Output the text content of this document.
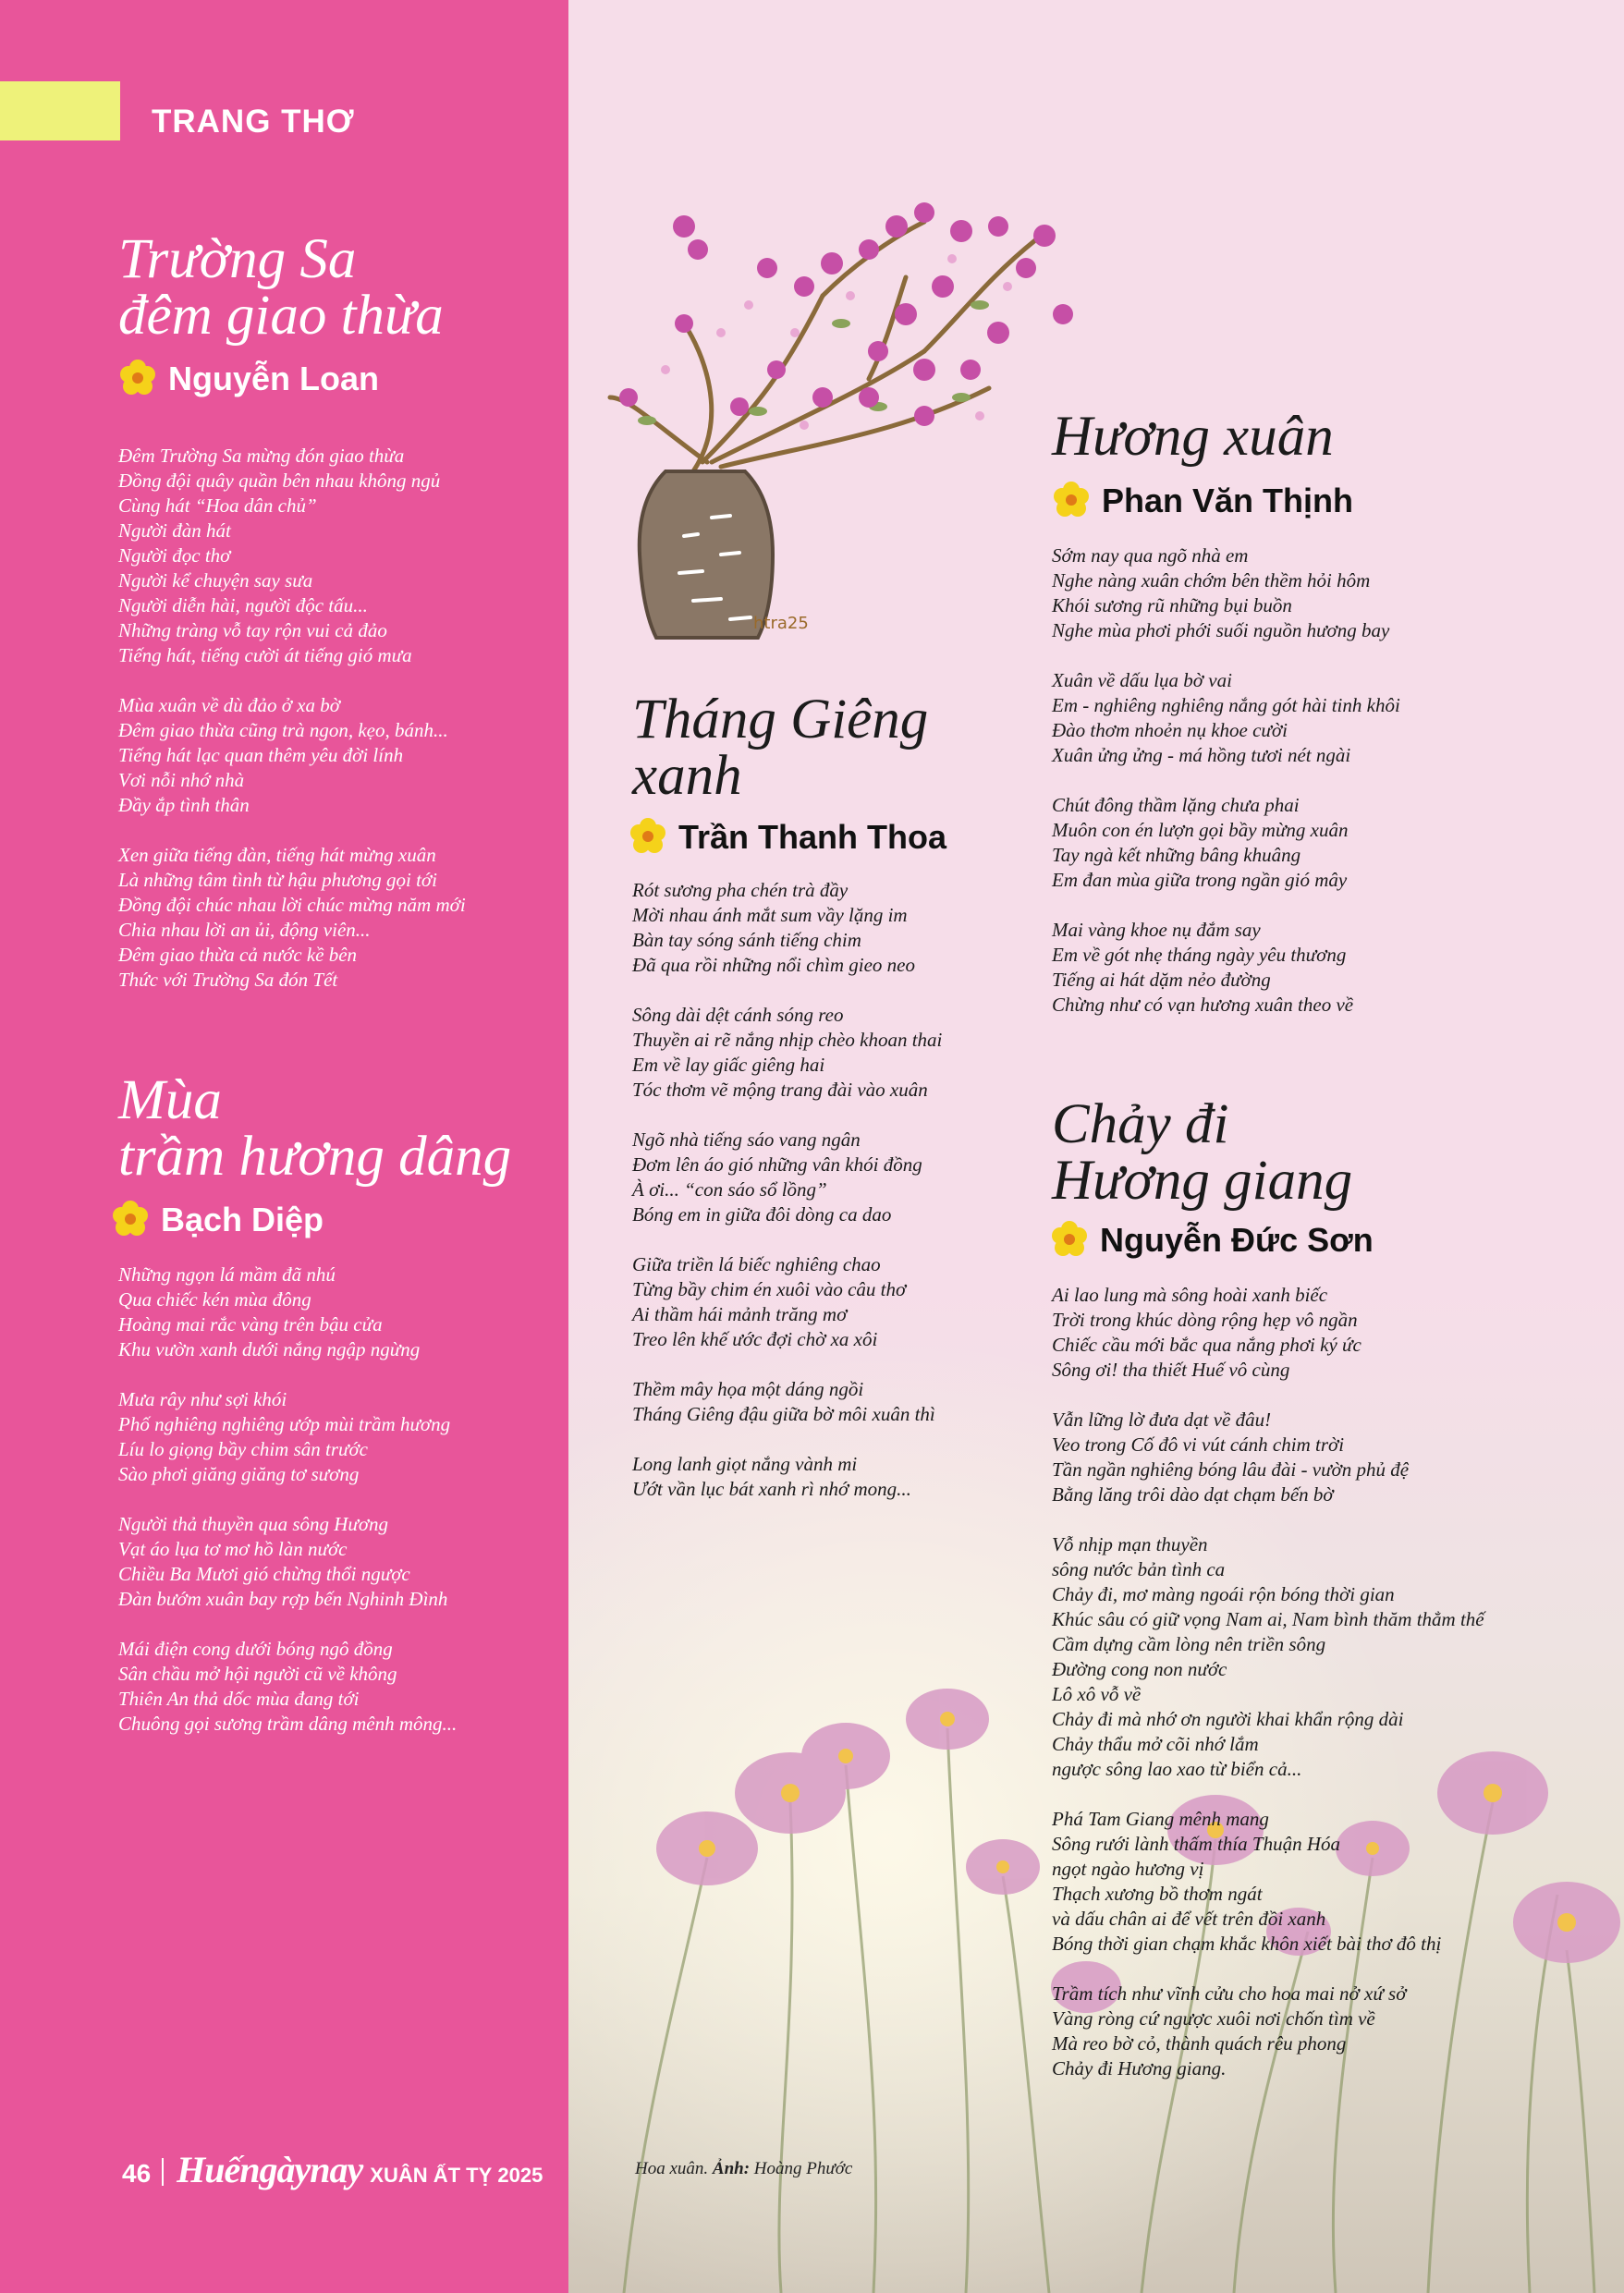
TRANG THƠ
htra25
Trường Sa
đêm giao thừa
Nguyễn Loan
Đêm Trường Sa mừng đón giao thừa
Đồng đội quây quần bên nhau không ngủ
Cùng hát “Hoa dân chủ”
Người đàn hát
Người đọc thơ
Người kể chuyện say sưa
Người diễn hài, người độc tấu...
Những tràng vỗ tay rộn vui cả đảo
Tiếng hát, tiếng cười át tiếng gió mưa
Mùa xuân về dù đảo ở xa bờ
Đêm giao thừa cũng trà ngon, kẹo, bánh...
Tiếng hát lạc quan thêm yêu đời lính
Vơi nỗi nhớ nhà
Đầy ắp tình thân
Xen giữa tiếng đàn, tiếng hát mừng xuân
Là những tâm tình từ hậu phương gọi tới
Đồng đội chúc nhau lời chúc mừng năm mới
Chia nhau lời an ủi, động viên...
Đêm giao thừa cả nước kề bên
Thức với Trường Sa đón Tết
Mùa
trầm hương dâng
Bạch Diệp
Những ngọn lá mầm đã nhú
Qua chiếc kén mùa đông
Hoàng mai rắc vàng trên bậu cửa
Khu vườn xanh dưới nắng ngập ngừng
Mưa rây như sợi khói
Phố nghiêng nghiêng ướp mùi trầm hương
Líu lo giọng bầy chim sân trước
Sào phơi giăng giăng tơ sương
Người thả thuyền qua sông Hương
Vạt áo lụa tơ mơ hồ làn nước
Chiều Ba Mươi gió chừng thổi ngược
Đàn bướm xuân bay rợp bến Nghinh Đình
Mái điện cong dưới bóng ngô đồng
Sân chầu mở hội người cũ về không
Thiên An thả dốc mùa đang tới
Chuông gọi sương trầm dâng mênh mông...
Tháng Giêng
xanh
Trần Thanh Thoa
Rót sương pha chén trà đầy
Mời nhau ánh mắt sum vầy lặng im
Bàn tay sóng sánh tiếng chim
Đã qua rồi những nổi chìm gieo neo
Sông dài dệt cánh sóng reo
Thuyền ai rẽ nắng nhịp chèo khoan thai
Em về lay giấc giêng hai
Tóc thơm vẽ mộng trang đài vào xuân
Ngõ nhà tiếng sáo vang ngân
Đơm lên áo gió những vân khói đồng
À ơi... “con sáo sổ lồng”
Bóng em in giữa đôi dòng ca dao
Giữa triền lá biếc nghiêng chao
Từng bầy chim én xuôi vào câu thơ
Ai thầm hái mảnh trăng mơ
Treo lên khế ước đợi chờ xa xôi
Thềm mây họa một dáng ngồi
Tháng Giêng đậu giữa bờ môi xuân thì
Long lanh giọt nắng vành mi
Ướt vần lục bát xanh rì nhớ mong...
Hương xuân
Phan Văn Thịnh
Sớm nay qua ngõ nhà em
Nghe nàng xuân chớm bên thềm hỏi hôm
Khói sương rũ những bụi buồn
Nghe mùa phơi phới suối nguồn hương bay
Xuân về dấu lụa bờ vai
Em - nghiêng nghiêng nắng gót hài tinh khôi
Đào thơm nhoẻn nụ khoe cười
Xuân ửng ửng - má hồng tươi nét ngài
Chút đông thầm lặng chưa phai
Muôn con én lượn gọi bầy mừng xuân
Tay ngà kết những bâng khuâng
Em đan mùa giữa trong ngần gió mây
Mai vàng khoe nụ đắm say
Em về gót nhẹ tháng ngày yêu thương
Tiếng ai hát dặm nẻo đường
Chừng như có vạn hương xuân theo về
Chảy đi
Hương giang
Nguyễn Đức Sơn
Ai lao lung mà sông hoài xanh biếc
Trời trong khúc dòng rộng hẹp vô ngần
Chiếc cầu mới bắc qua nắng phơi ký ức
Sông ơi! tha thiết Huế vô cùng
Vẫn lững lờ đưa dạt về đâu!
Veo trong Cố đô vi vút cánh chim trời
Tần ngần nghiêng bóng lâu đài - vườn phủ đệ
Bằng lăng trôi dào dạt chạm bến bờ
Vỗ nhịp mạn thuyền
sông nước bản tình ca
Chảy đi, mơ màng ngoái rộn bóng thời gian
Khúc sâu có giữ vọng Nam ai, Nam bình thăm thẳm thế
Cầm dựng cầm lòng nên triền sông
Đường cong non nước
Lô xô vỗ về
Chảy đi mà nhớ ơn người khai khẩn rộng dài
Chảy thẩu mở cõi nhớ lắm
ngược sông lao xao từ biển cả...
Phá Tam Giang mênh mang
Sông rưới lành thấm thía Thuận Hóa
ngọt ngào hương vị
Thạch xương bồ thơm ngát
và dấu chân ai để vết trên đồi xanh
Bóng thời gian chạm khắc khôn xiết bài thơ đô thị
Trầm tích như vĩnh cửu cho hoa mai nở xứ sở
Vàng ròng cứ ngược xuôi nơi chốn tìm về
Mà reo bờ cỏ, thành quách rêu phong
Chảy đi Hương giang.
46 Huếngàynay XUÂN ẤT TỴ 2025	Hoa xuân. Ảnh: Hoàng Phước
